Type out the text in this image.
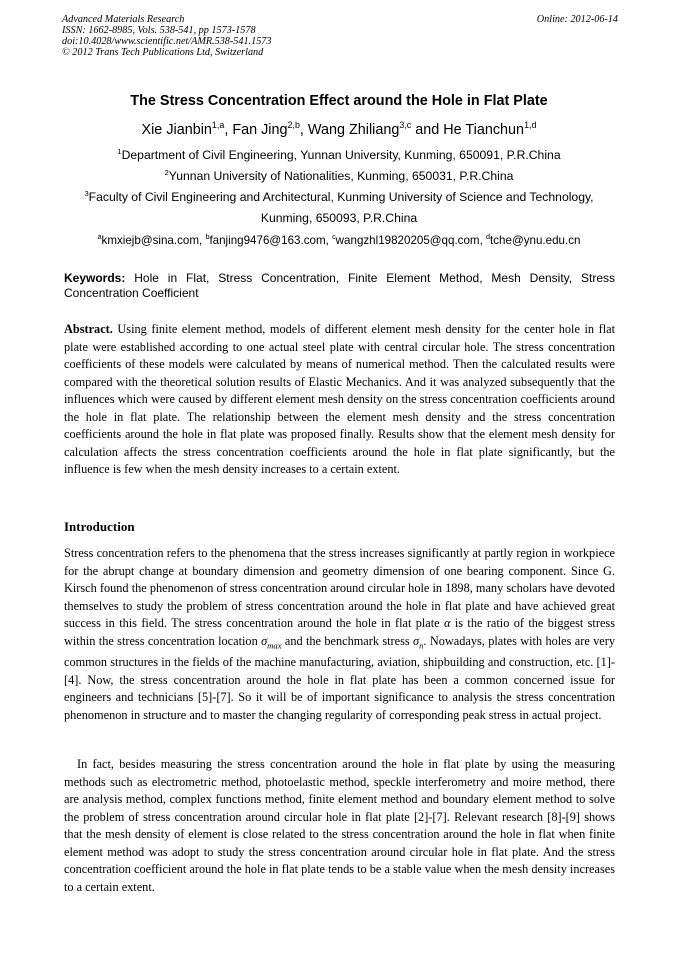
Advanced Materials Research
ISSN: 1662-8985, Vols. 538-541, pp 1573-1578
doi:10.4028/www.scientific.net/AMR.538-541.1573
© 2012 Trans Tech Publications Ltd, Switzerland
Online: 2012-06-14
The Stress Concentration Effect around the Hole in Flat Plate
Xie Jianbin$^{1,a}$, Fan Jing$^{2,b}$, Wang Zhiliang$^{3,c}$ and He Tianchun$^{1,d}$
$^1$Department of Civil Engineering, Yunnan University, Kunming, 650091, P.R.China
$^2$Yunnan University of Nationalities, Kunming, 650031, P.R.China
$^3$Faculty of Civil Engineering and Architectural, Kunming University of Science and Technology,
Kunming, 650093, P.R.China
$^a$kmxiejb@sina.com, $^b$fanjing9476@163.com, $^c$wangzhl19820205@qq.com, $^d$tche@ynu.edu.cn
Keywords: Hole in Flat, Stress Concentration, Finite Element Method, Mesh Density, Stress Concentration Coefficient
Abstract. Using finite element method, models of different element mesh density for the center hole in flat plate were established according to one actual steel plate with central circular hole. The stress concentration coefficients of these models were calculated by means of numerical method. Then the calculated results were compared with the theoretical solution results of Elastic Mechanics. And it was analyzed subsequently that the influences which were caused by different element mesh density on the stress concentration coefficients around the hole in flat plate. The relationship between the element mesh density and the stress concentration coefficients around the hole in flat plate was proposed finally. Results show that the element mesh density for calculation affects the stress concentration coefficients around the hole in flat plate significantly, but the influence is few when the mesh density increases to a certain extent.
Introduction
Stress concentration refers to the phenomena that the stress increases significantly at partly region in workpiece for the abrupt change at boundary dimension and geometry dimension of one bearing component. Since G. Kirsch found the phenomenon of stress concentration around circular hole in 1898, many scholars have devoted themselves to study the problem of stress concentration around the hole in flat plate and have achieved great success in this field. The stress concentration around the hole in flat plate α is the ratio of the biggest stress within the stress concentration location $\sigma_{max}$ and the benchmark stress $\sigma_n$. Nowadays, plates with holes are very common structures in the fields of the machine manufacturing, aviation, shipbuilding and construction, etc. [1]-[4]. Now, the stress concentration around the hole in flat plate has been a common concerned issue for engineers and technicians [5]-[7]. So it will be of important significance to analysis the stress concentration phenomenon in structure and to master the changing regularity of corresponding peak stress in actual project.
In fact, besides measuring the stress concentration around the hole in flat plate by using the measuring methods such as electrometric method, photoelastic method, speckle interferometry and moire method, there are analysis method, complex functions method, finite element method and boundary element method to solve the problem of stress concentration around circular hole in flat plate [2]-[7]. Relevant research [8]-[9] shows that the mesh density of element is close related to the stress concentration around the hole in flat when finite element method was adopt to study the stress concentration around circular hole in flat plate. And the stress concentration coefficient around the hole in flat plate tends to be a stable value when the mesh density increases to a certain extent.
